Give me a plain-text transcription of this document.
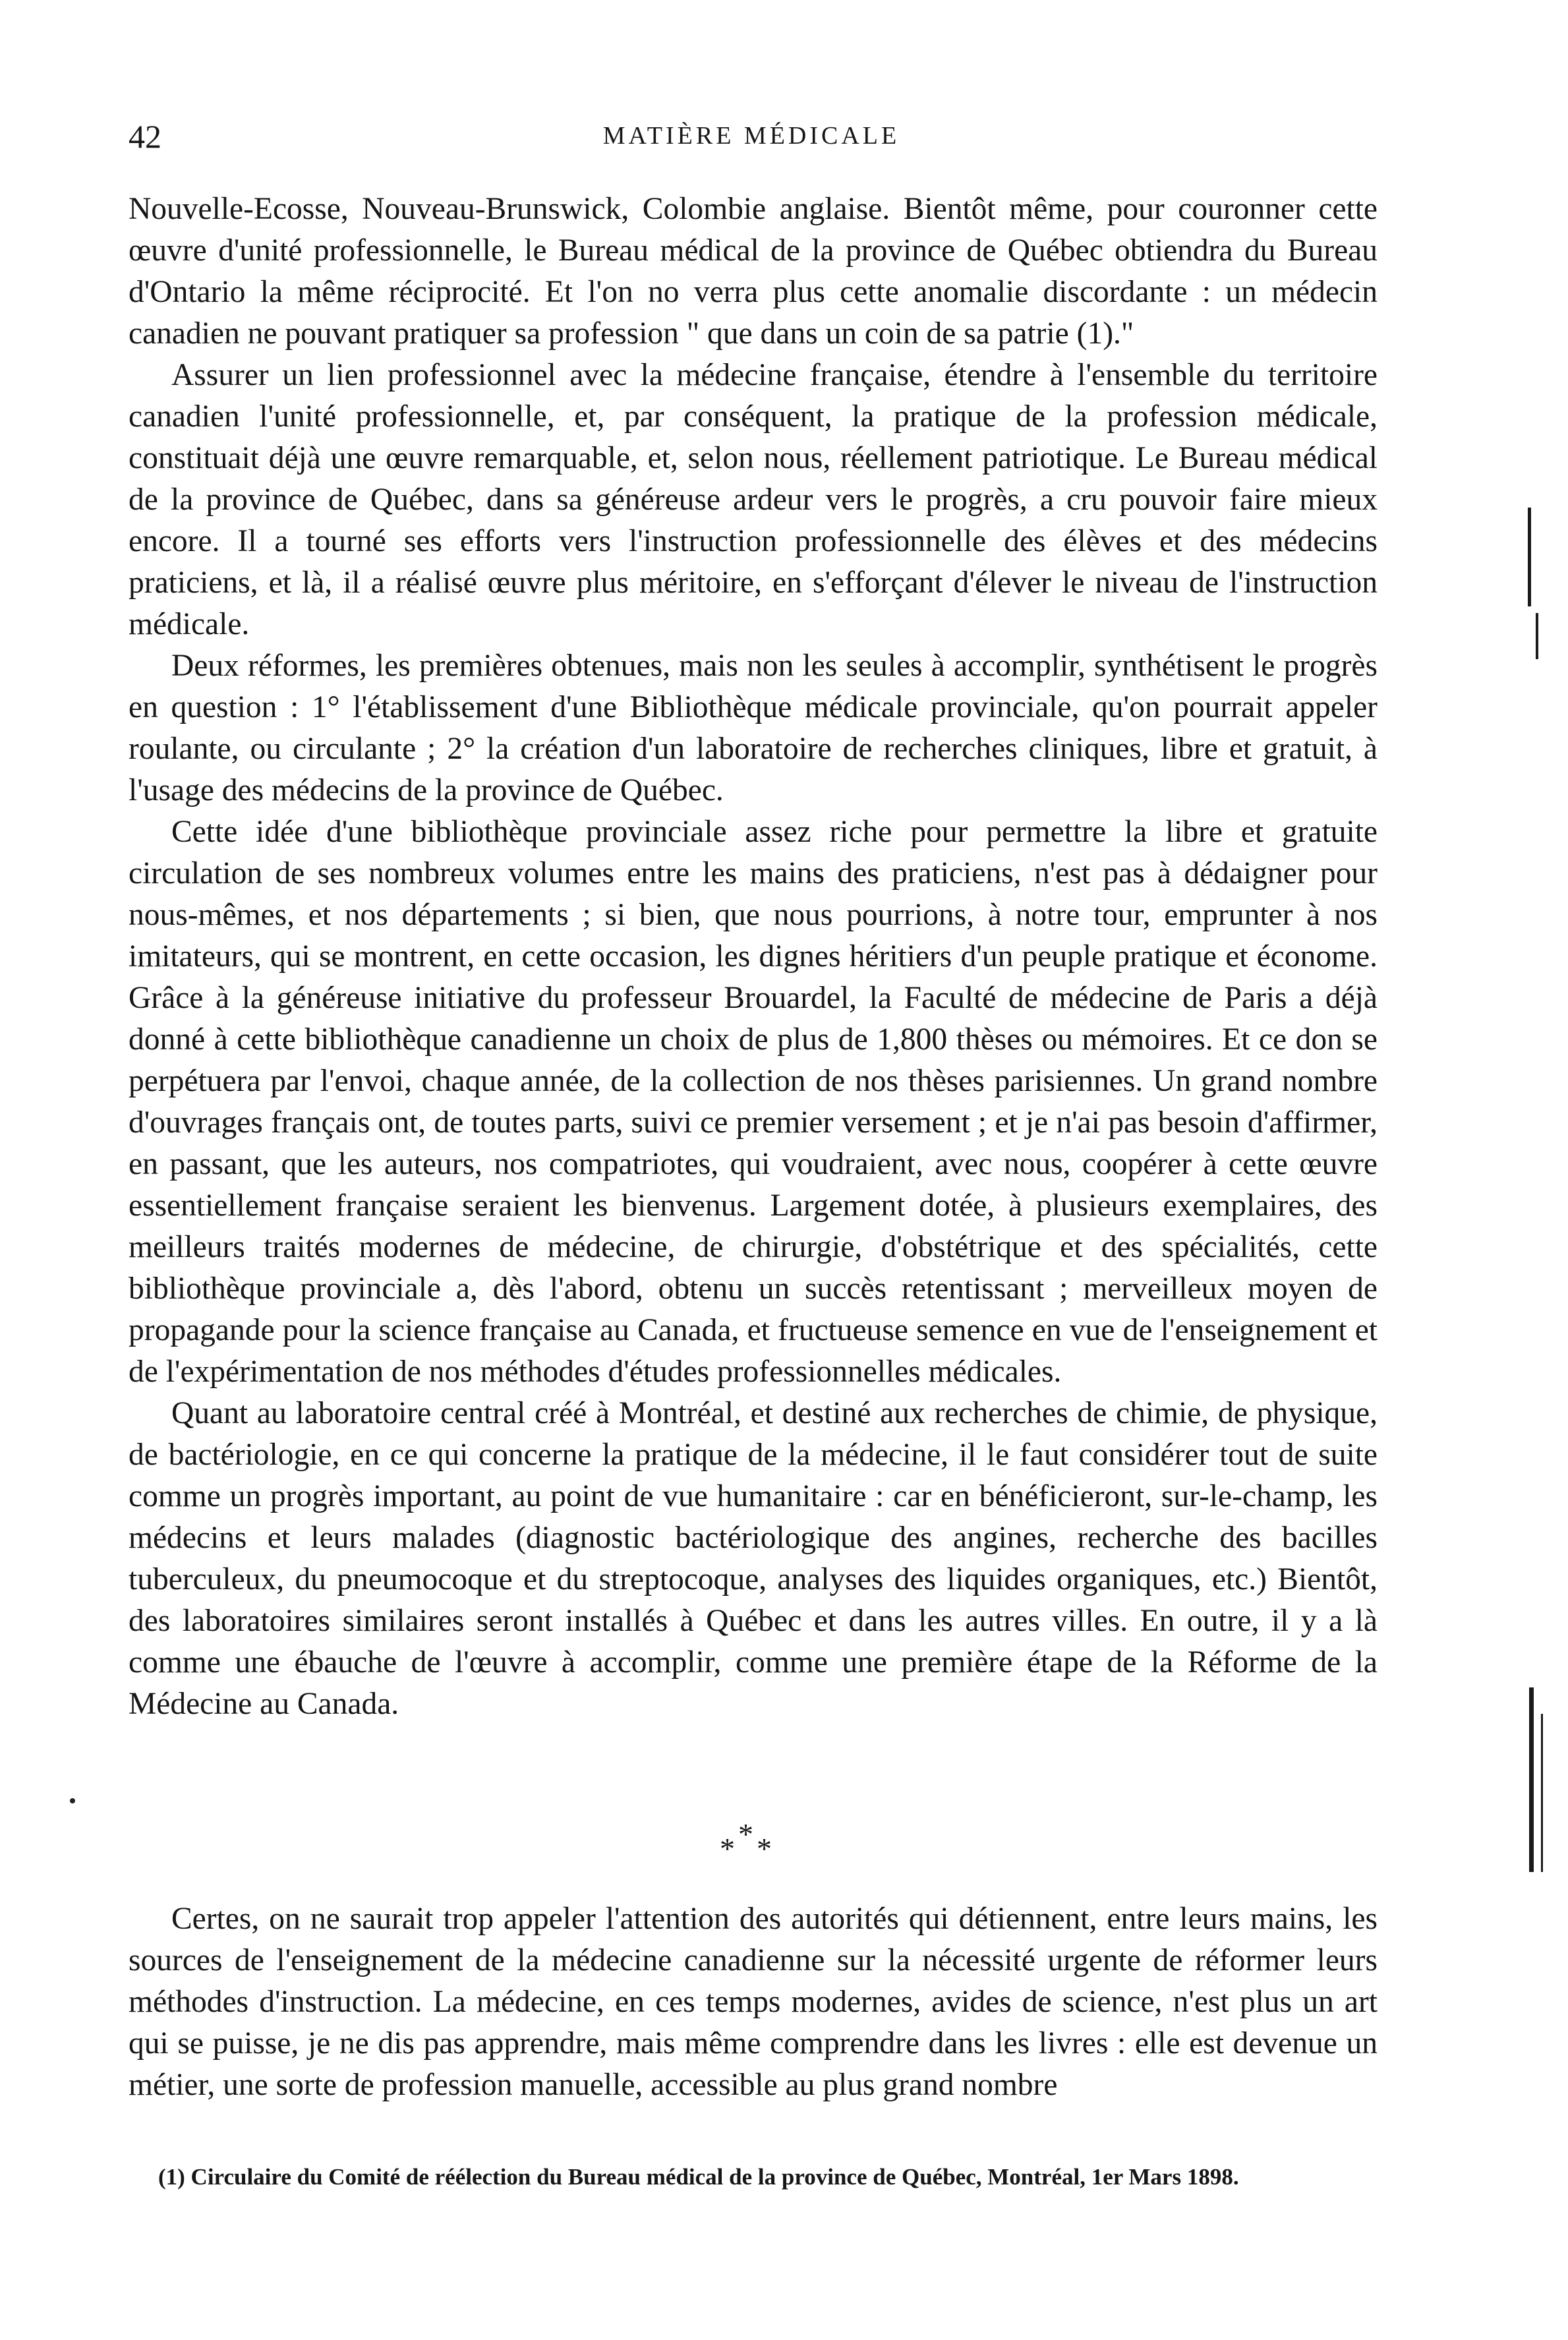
42	MATIÈRE MÉDICALE

Nouvelle-Ecosse, Nouveau-Brunswick, Colombie anglaise. Bientôt même, pour couronner cette œuvre d'unité professionnelle, le Bureau médical de la province de Québec obtiendra du Bureau d'Ontario la même réciprocité. Et l'on no verra plus cette anomalie discordante : un médecin canadien ne pouvant pratiquer sa profession " que dans un coin de sa patrie (1)."

Assurer un lien professionnel avec la médecine française, étendre à l'ensemble du territoire canadien l'unité professionnelle, et, par conséquent, la pratique de la profession médicale, constituait déjà une œuvre remarquable, et, selon nous, réellement patriotique. Le Bureau médical de la province de Québec, dans sa généreuse ardeur vers le progrès, a cru pouvoir faire mieux encore. Il a tourné ses efforts vers l'instruction professionnelle des élèves et des médecins praticiens, et là, il a réalisé œuvre plus méritoire, en s'efforçant d'élever le niveau de l'instruction médicale.

Deux réformes, les premières obtenues, mais non les seules à accomplir, synthétisent le progrès en question : 1° l'établissement d'une Bibliothèque médicale provinciale, qu'on pourrait appeler roulante, ou circulante ; 2° la création d'un laboratoire de recherches cliniques, libre et gratuit, à l'usage des médecins de la province de Québec.

Cette idée d'une bibliothèque provinciale assez riche pour permettre la libre et gratuite circulation de ses nombreux volumes entre les mains des praticiens, n'est pas à dédaigner pour nous-mêmes, et nos départements ; si bien, que nous pourrions, à notre tour, emprunter à nos imitateurs, qui se montrent, en cette occasion, les dignes héritiers d'un peuple pratique et économe. Grâce à la généreuse initiative du professeur Brouardel, la Faculté de médecine de Paris a déjà donné à cette bibliothèque canadienne un choix de plus de 1,800 thèses ou mémoires. Et ce don se perpétuera par l'envoi, chaque année, de la collection de nos thèses parisiennes. Un grand nombre d'ouvrages français ont, de toutes parts, suivi ce premier versement ; et je n'ai pas besoin d'affirmer, en passant, que les auteurs, nos compatriotes, qui voudraient, avec nous, coopérer à cette œuvre essentiellement française seraient les bienvenus. Largement dotée, à plusieurs exemplaires, des meilleurs traités modernes de médecine, de chirurgie, d'obstétrique et des spécialités, cette bibliothèque provinciale a, dès l'abord, obtenu un succès retentissant ; merveilleux moyen de propagande pour la science française au Canada, et fructueuse semence en vue de l'enseignement et de l'expérimentation de nos méthodes d'études professionnelles médicales.

Quant au laboratoire central créé à Montréal, et destiné aux recherches de chimie, de physique, de bactériologie, en ce qui concerne la pratique de la médecine, il le faut considérer tout de suite comme un progrès important, au point de vue humanitaire : car en bénéficieront, sur-le-champ, les médecins et leurs malades (diagnostic bactériologique des angines, recherche des bacilles tuberculeux, du pneumocoque et du streptocoque, analyses des liquides organiques, etc.) Bientôt, des laboratoires similaires seront installés à Québec et dans les autres villes. En outre, il y a là comme une ébauche de l'œuvre à accomplir, comme une première étape de la Réforme de la Médecine au Canada.

*
* *
Certes, on ne saurait trop appeler l'attention des autorités qui détiennent, entre leurs mains, les sources de l'enseignement de la médecine canadienne sur la nécessité urgente de réformer leurs méthodes d'instruction. La médecine, en ces temps modernes, avides de science, n'est plus un art qui se puisse, je ne dis pas apprendre, mais même comprendre dans les livres : elle est devenue un métier, une sorte de profession manuelle, accessible au plus grand nombre
(1) Circulaire du Comité de réélection du Bureau médical de la province de Québec, Montréal, 1er Mars 1898.
